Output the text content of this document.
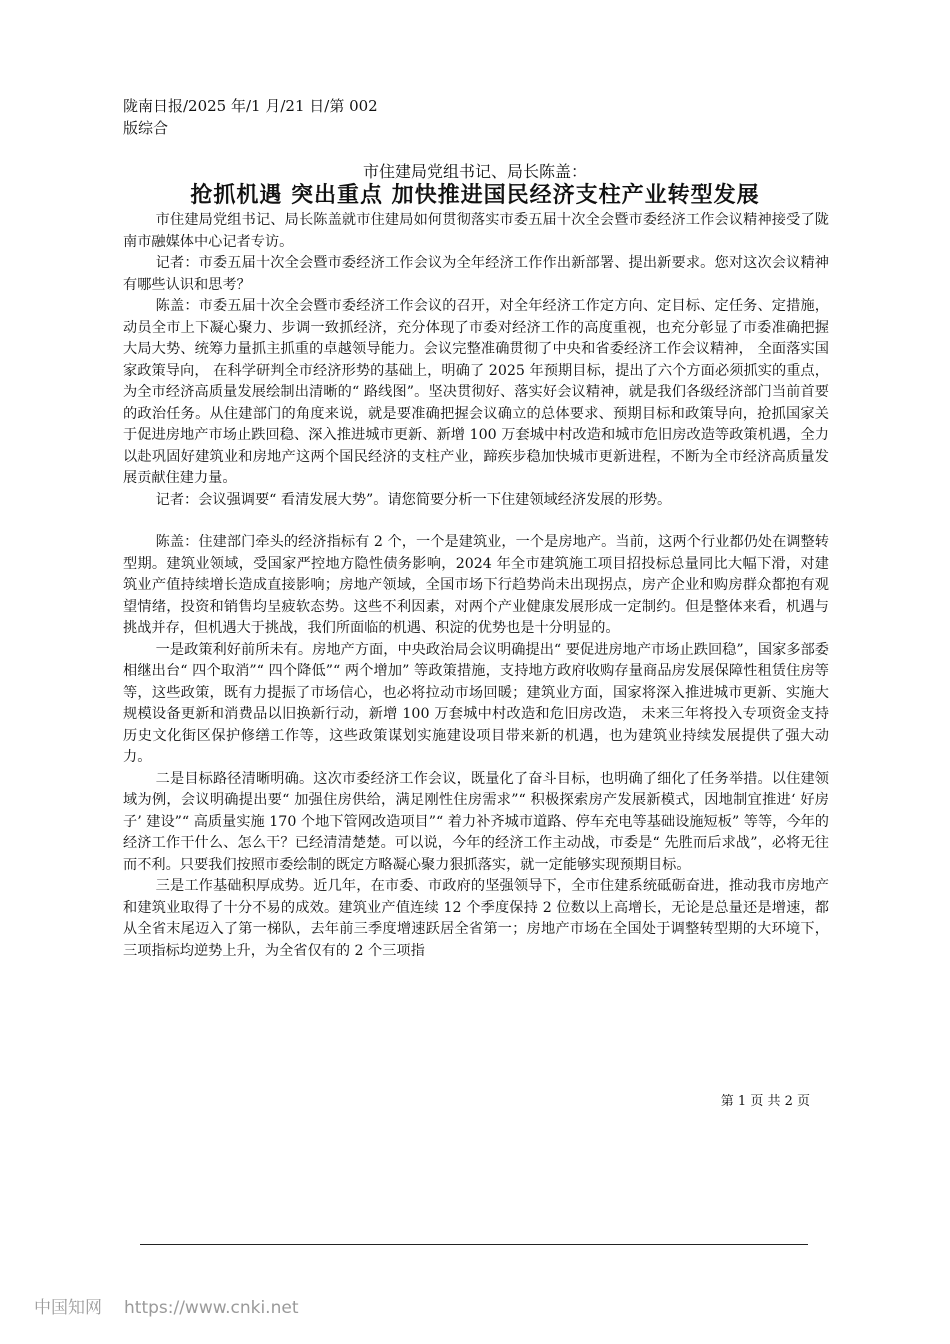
陇南日报/2025 年/1 月/21 日/第 002 版综合
市住建局党组书记、局长陈盖：
抢抓机遇 突出重点 加快推进国民经济支柱产业转型发展

市住建局党组书记、局长陈盖就市住建局如何贯彻落实市委五届十次全会暨市委经济工作会议精神接受了陇南市融媒体中心记者专访。

记者：市委五届十次全会暨市委经济工作会议为全年经济工作作出新部署、提出新要求。您对这次会议精神有哪些认识和思考？

陈盖：市委五届十次全会暨市委经济工作会议的召开，对全年经济工作定方向、定目标、定任务、定措施，动员全市上下凝心聚力、步调一致抓经济，充分体现了市委对经济工作的高度重视，也充分彰显了市委准确把握大局大势、统筹力量抓主抓重的卓越领导能力。会议完整准确贯彻了中央和省委经济工作会议精神， 全面落实国家政策导向， 在科学研判全市经济形势的基础上，明确了 2025 年预期目标，提出了六个方面必须抓实的重点，为全市经济高质量发展绘制出清晰的“ 路线图”。坚决贯彻好、落实好会议精神，就是我们各级经济部门当前首要的政治任务。从住建部门的角度来说，就是要准确把握会议确立的总体要求、预期目标和政策导向，抢抓国家关于促进房地产市场止跌回稳、深入推进城市更新、新增 100 万套城中村改造和城市危旧房改造等政策机遇，全力以赴巩固好建筑业和房地产这两个国民经济的支柱产业，蹄疾步稳加快城市更新进程，不断为全市经济高质量发展贡献住建力量。

记者：会议强调要“ 看清发展大势”。请您简要分析一下住建领域经济发展的形势。

陈盖：住建部门牵头的经济指标有 2 个，一个是建筑业，一个是房地产。当前，这两个行业都仍处在调整转型期。建筑业领域，受国家严控地方隐性债务影响，2024 年全市建筑施工项目招投标总量同比大幅下滑，对建筑业产值持续增长造成直接影响；房地产领域，全国市场下行趋势尚未出现拐点，房产企业和购房群众都抱有观望情绪，投资和销售均呈疲软态势。这些不利因素，对两个产业健康发展形成一定制约。但是整体来看，机遇与挑战并存，但机遇大于挑战，我们所面临的机遇、积淀的优势也是十分明显的。

一是政策利好前所未有。房地产方面，中央政治局会议明确提出“ 要促进房地产市场止跌回稳”，国家多部委相继出台“ 四个取消”“ 四个降低”“ 两个增加” 等政策措施，支持地方政府收购存量商品房发展保障性租赁住房等等，这些政策，既有力提振了市场信心，也必将拉动市场回暖；建筑业方面，国家将深入推进城市更新、实施大规模设备更新和消费品以旧换新行动，新增 100 万套城中村改造和危旧房改造， 未来三年将投入专项资金支持历史文化街区保护修缮工作等，这些政策谋划实施建设项目带来新的机遇，也为建筑业持续发展提供了强大动力。

二是目标路径清晰明确。这次市委经济工作会议，既量化了奋斗目标，也明确了细化了任务举措。以住建领域为例，会议明确提出要“ 加强住房供给，满足刚性住房需求”“ 积极探索房产发展新模式，因地制宜推进‘ 好房子’ 建设”“ 高质量实施 170 个地下管网改造项目”“ 着力补齐城市道路、停车充电等基础设施短板” 等等，今年的经济工作干什么、怎么干？已经清清楚楚。可以说，今年的经济工作主动战，市委是“ 先胜而后求战”，必将无往而不利。只要我们按照市委绘制的既定方略凝心聚力狠抓落实，就一定能够实现预期目标。

三是工作基础积厚成势。近几年，在市委、市政府的坚强领导下，全市住建系统砥砺奋进，推动我市房地产和建筑业取得了十分不易的成效。建筑业产值连续 12 个季度保持 2 位数以上高增长，无论是总量还是增速，都从全省末尾迈入了第一梯队，去年前三季度增速跃居全省第一；房地产市场在全国处于调整转型期的大环境下，三项指标均逆势上升，为全省仅有的 2 个三项指

第 1 页 共 2 页
中国知网 https://www.cnki.net
